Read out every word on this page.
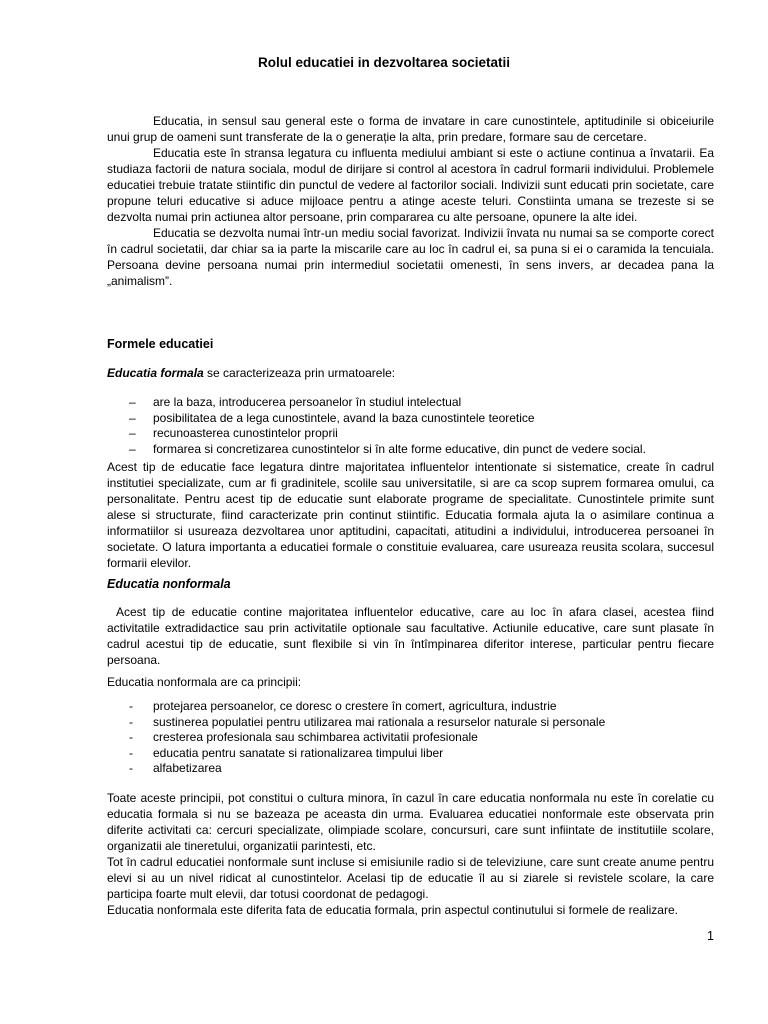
Rolul educatiei in dezvoltarea societatii

Educatia, in sensul sau general este o forma de invatare in care cunostintele, aptitudinile si obiceiurile unui grup de oameni sunt transferate de la o generație la alta, prin predare, formare sau de cercetare.

Educatia este în stransa legatura cu influenta mediului ambiant si este o actiune continua a învatarii. Ea studiaza factorii de natura sociala, modul de dirijare si control al acestora în cadrul formarii individului. Problemele educatiei trebuie tratate stiintific din punctul de vedere al factorilor sociali. Indivizii sunt educati prin societate, care propune teluri educative si aduce mijloace pentru a atinge aceste teluri. Constiinta umana se trezeste si se dezvolta numai prin actiunea altor persoane, prin compararea cu alte persoane, opunere la alte idei.

Educatia se dezvolta numai într-un mediu social favorizat. Indivizii învata nu numai sa se comporte corect în cadrul societatii, dar chiar sa ia parte la miscarile care au loc în cadrul ei, sa puna si ei o caramida la tencuiala. Persoana devine persoana numai prin intermediul societatii omenesti, în sens invers, ar decadea pana la „animalism”.

Formele educatiei
Educatia formala se caracterizeaza prin urmatoarele:
– are la baza, introducerea persoanelor în studiul intelectual
– posibilitatea de a lega cunostintele, avand la baza cunostintele teoretice
– recunoasterea cunostintelor proprii
– formarea si concretizarea cunostintelor si în alte forme educative, din punct de vedere social.

Acest tip de educatie face legatura dintre majoritatea influentelor intentionate si sistematice, create în cadrul institutiei specializate, cum ar fi gradinitele, scolile sau universitatile, si are ca scop suprem formarea omului, ca personalitate. Pentru acest tip de educatie sunt elaborate programe de specialitate. Cunostintele primite sunt alese si structurate, fiind caracterizate prin continut stiintific. Educatia formala ajuta la o asimilare continua a informatiilor si usureaza dezvoltarea unor aptitudini, capacitati, atitudini a individului, introducerea persoanei în societate. O latura importanta a educatiei formale o constituie evaluarea, care usureaza reusita scolara, succesul formarii elevilor.

Educatia nonformala

Acest tip de educatie contine majoritatea influentelor educative, care au loc în afara clasei, acestea fiind activitatile extradidactice sau prin activitatile optionale sau facultative. Actiunile educative, care sunt plasate în cadrul acestui tip de educatie, sunt flexibile si vin în întîmpinarea diferitor interese, particular pentru fiecare persoana.

Educatia nonformala are ca principii:
- protejarea persoanelor, ce doresc o crestere în comert, agricultura, industrie
- sustinerea populatiei pentru utilizarea mai rationala a resurselor naturale si personale
- cresterea profesionala sau schimbarea activitatii profesionale
- educatia pentru sanatate si rationalizarea timpului liber
- alfabetizarea

Toate aceste principii, pot constitui o cultura minora, în cazul în care educatia nonformala nu este în corelatie cu educatia formala si nu se bazeaza pe aceasta din urma. Evaluarea educatiei nonformale este observata prin diferite activitati ca: cercuri specializate, olimpiade scolare, concursuri, care sunt infiintate de institutiile scolare, organizatii ale tineretului, organizatii parintesti, etc.

Tot în cadrul educatiei nonformale sunt incluse si emisiunile radio si de televiziune, care sunt create anume pentru elevi si au un nivel ridicat al cunostintelor. Acelasi tip de educatie îl au si ziarele si revistele scolare, la care participa foarte mult elevii, dar totusi coordonat de pedagogi.

Educatia nonformala este diferita fata de educatia formala, prin aspectul continutului si formele de realizare.

1
